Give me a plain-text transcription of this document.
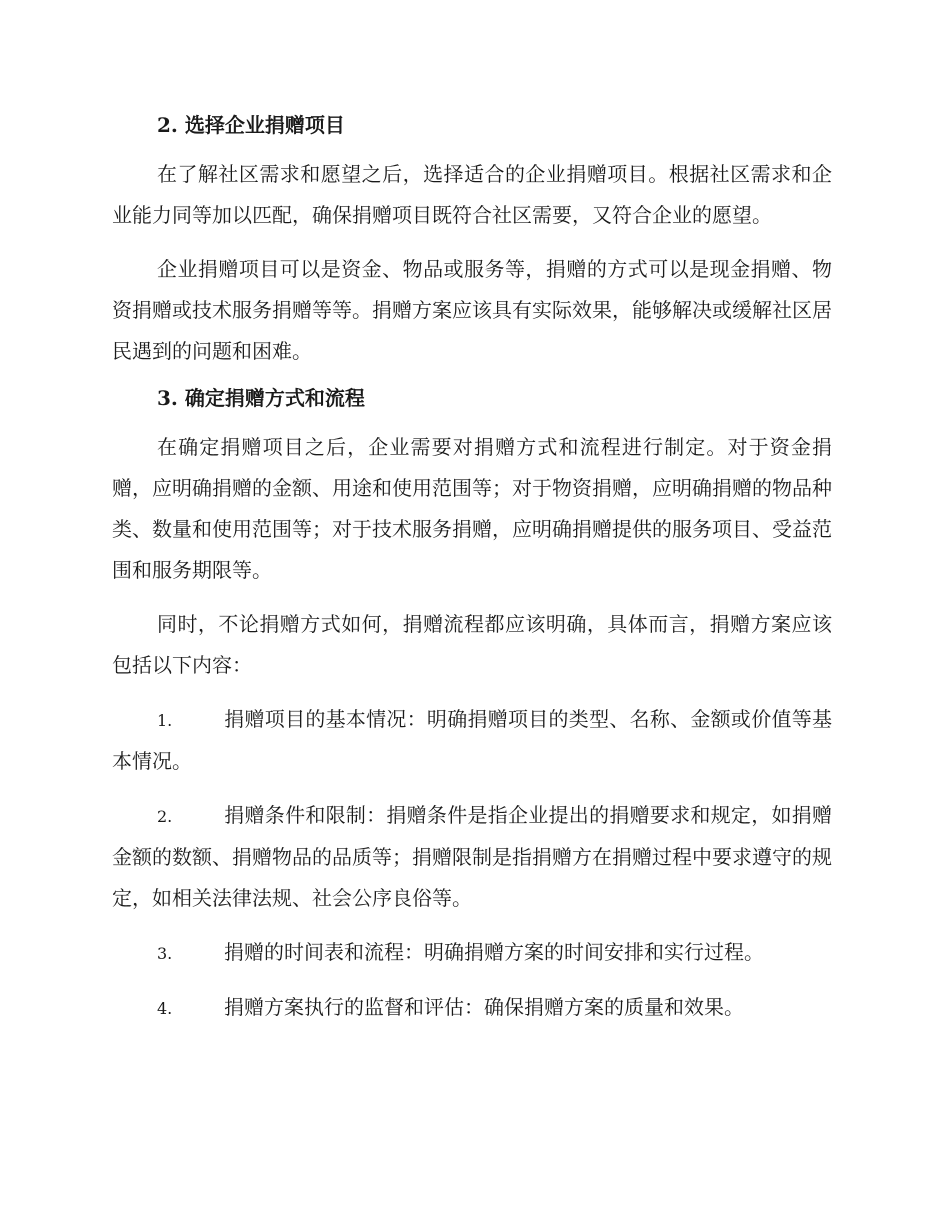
2. 选择企业捐赠项目

在了解社区需求和愿望之后，选择适合的企业捐赠项目。根据社区需求和企业能力同等加以匹配，确保捐赠项目既符合社区需要，又符合企业的愿望。

企业捐赠项目可以是资金、物品或服务等，捐赠的方式可以是现金捐赠、物资捐赠或技术服务捐赠等等。捐赠方案应该具有实际效果，能够解决或缓解社区居民遇到的问题和困难。

3. 确定捐赠方式和流程

在确定捐赠项目之后，企业需要对捐赠方式和流程进行制定。对于资金捐赠，应明确捐赠的金额、用途和使用范围等；对于物资捐赠，应明确捐赠的物品种类、数量和使用范围等；对于技术服务捐赠，应明确捐赠提供的服务项目、受益范围和服务期限等。

同时，不论捐赠方式如何，捐赠流程都应该明确，具体而言，捐赠方案应该包括以下内容：

1.	捐赠项目的基本情况：明确捐赠项目的类型、名称、金额或价值等基本情况。

2.	捐赠条件和限制：捐赠条件是指企业提出的捐赠要求和规定，如捐赠金额的数额、捐赠物品的品质等；捐赠限制是指捐赠方在捐赠过程中要求遵守的规定，如相关法律法规、社会公序良俗等。

3.	捐赠的时间表和流程：明确捐赠方案的时间安排和实行过程。

4.	捐赠方案执行的监督和评估：确保捐赠方案的质量和效果。
